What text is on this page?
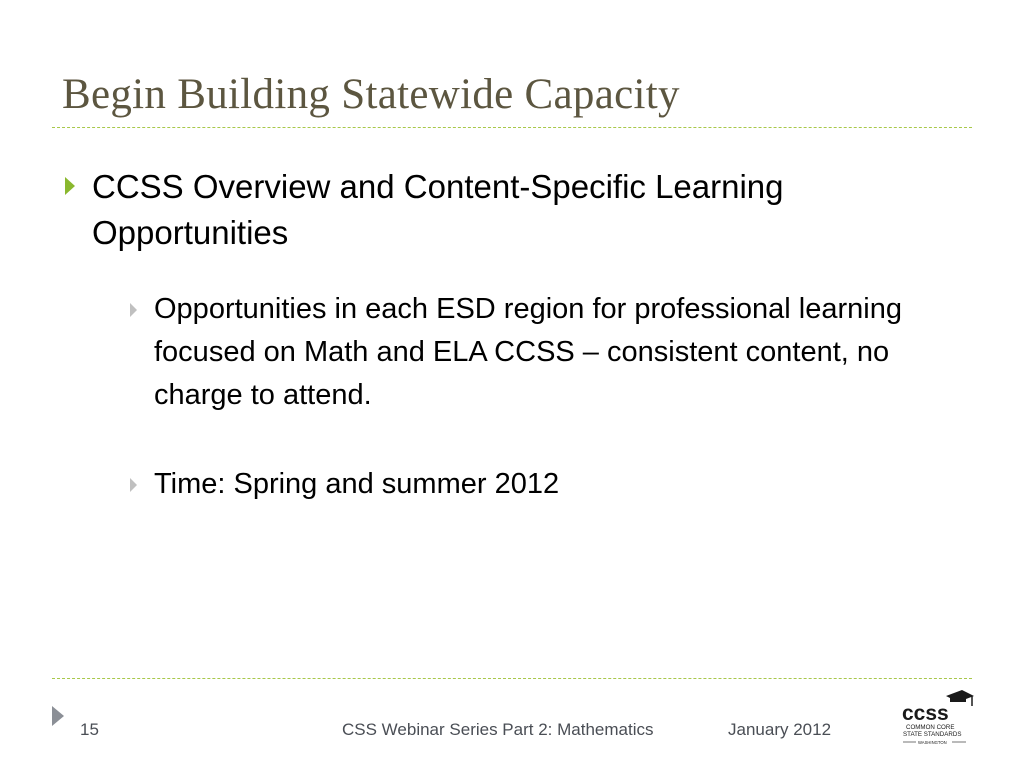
Begin Building Statewide Capacity
CCSS Overview and Content-Specific Learning Opportunities
Opportunities in each ESD region for professional learning focused on Math and ELA CCSS – consistent content, no charge to attend.
Time: Spring and summer 2012
15	CSS Webinar Series Part 2: Mathematics	January 2012
ccss
COMMON CORE
STATE STANDARDS
WASHINGTON
